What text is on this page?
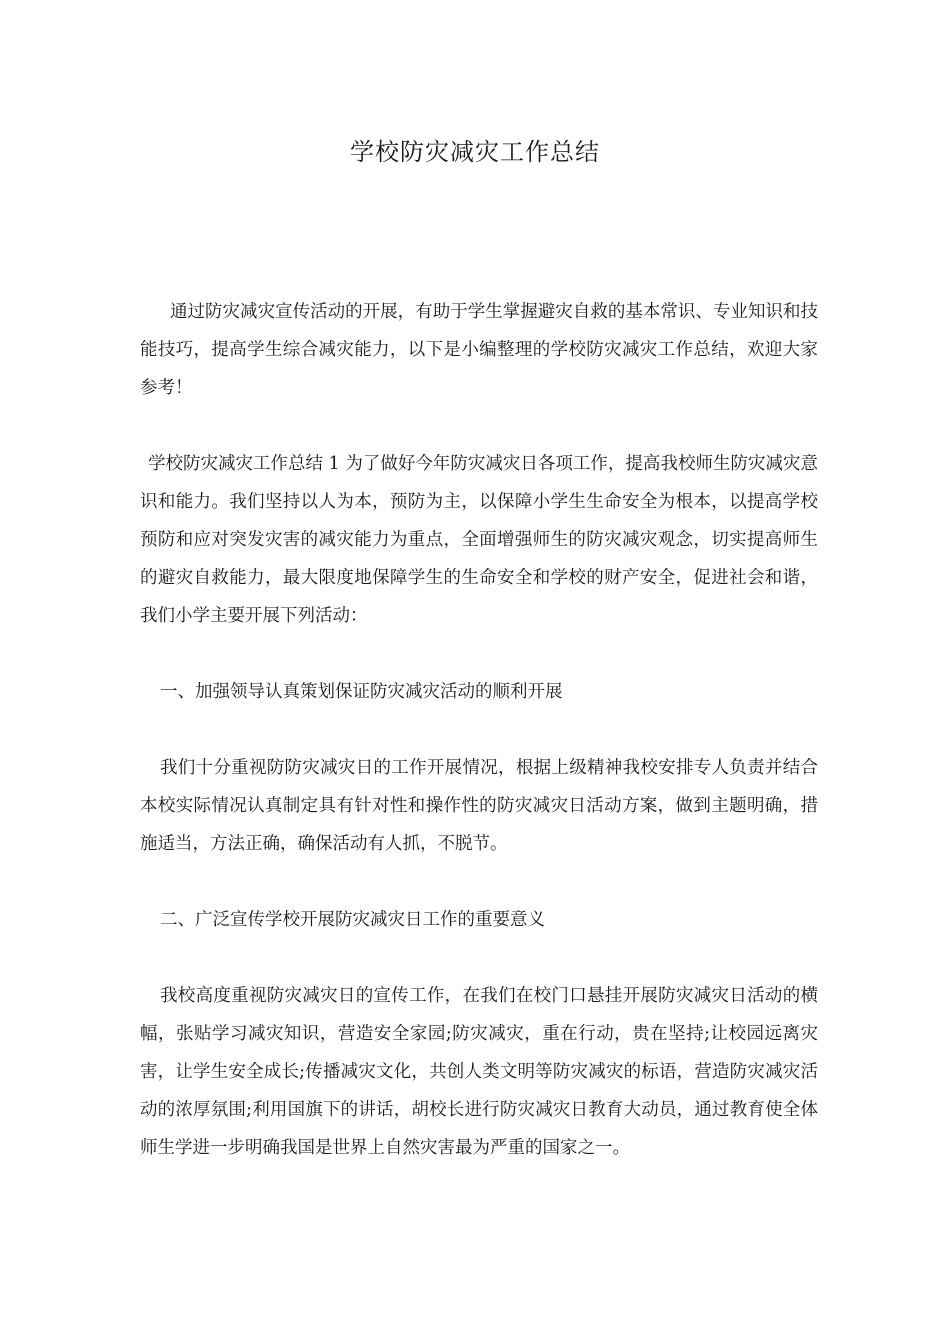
学校防灾减灾工作总结

通过防灾减灾宣传活动的开展，有助于学生掌握避灾自救的基本常识、专业知识和技能技巧，提高学生综合减灾能力，以下是小编整理的学校防灾减灾工作总结，欢迎大家参考！

学校防灾减灾工作总结 1 为了做好今年防灾减灾日各项工作，提高我校师生防灾减灾意识和能力。我们坚持以人为本，预防为主，以保障小学生生命安全为根本，以提高学校预防和应对突发灾害的减灾能力为重点，全面增强师生的防灾减灾观念，切实提高师生的避灾自救能力，最大限度地保障学生的生命安全和学校的财产安全，促进社会和谐，我们小学主要开展下列活动：

一、加强领导认真策划保证防灾减灾活动的顺利开展

我们十分重视防防灾减灾日的工作开展情况，根据上级精神我校安排专人负责并结合本校实际情况认真制定具有针对性和操作性的防灾减灾日活动方案，做到主题明确，措施适当，方法正确，确保活动有人抓，不脱节。

二、广泛宣传学校开展防灾减灾日工作的重要意义

我校高度重视防灾减灾日的宣传工作，在我们在校门口悬挂开展防灾减灾日活动的横幅，张贴学习减灾知识，营造安全家园;防灾减灾，重在行动，贵在坚持;让校园远离灾害，让学生安全成长;传播减灾文化，共创人类文明等防灾减灾的标语，营造防灾减灾活动的浓厚氛围;利用国旗下的讲话，胡校长进行防灾减灾日教育大动员，通过教育使全体师生学进一步明确我国是世界上自然灾害最为严重的国家之一。
